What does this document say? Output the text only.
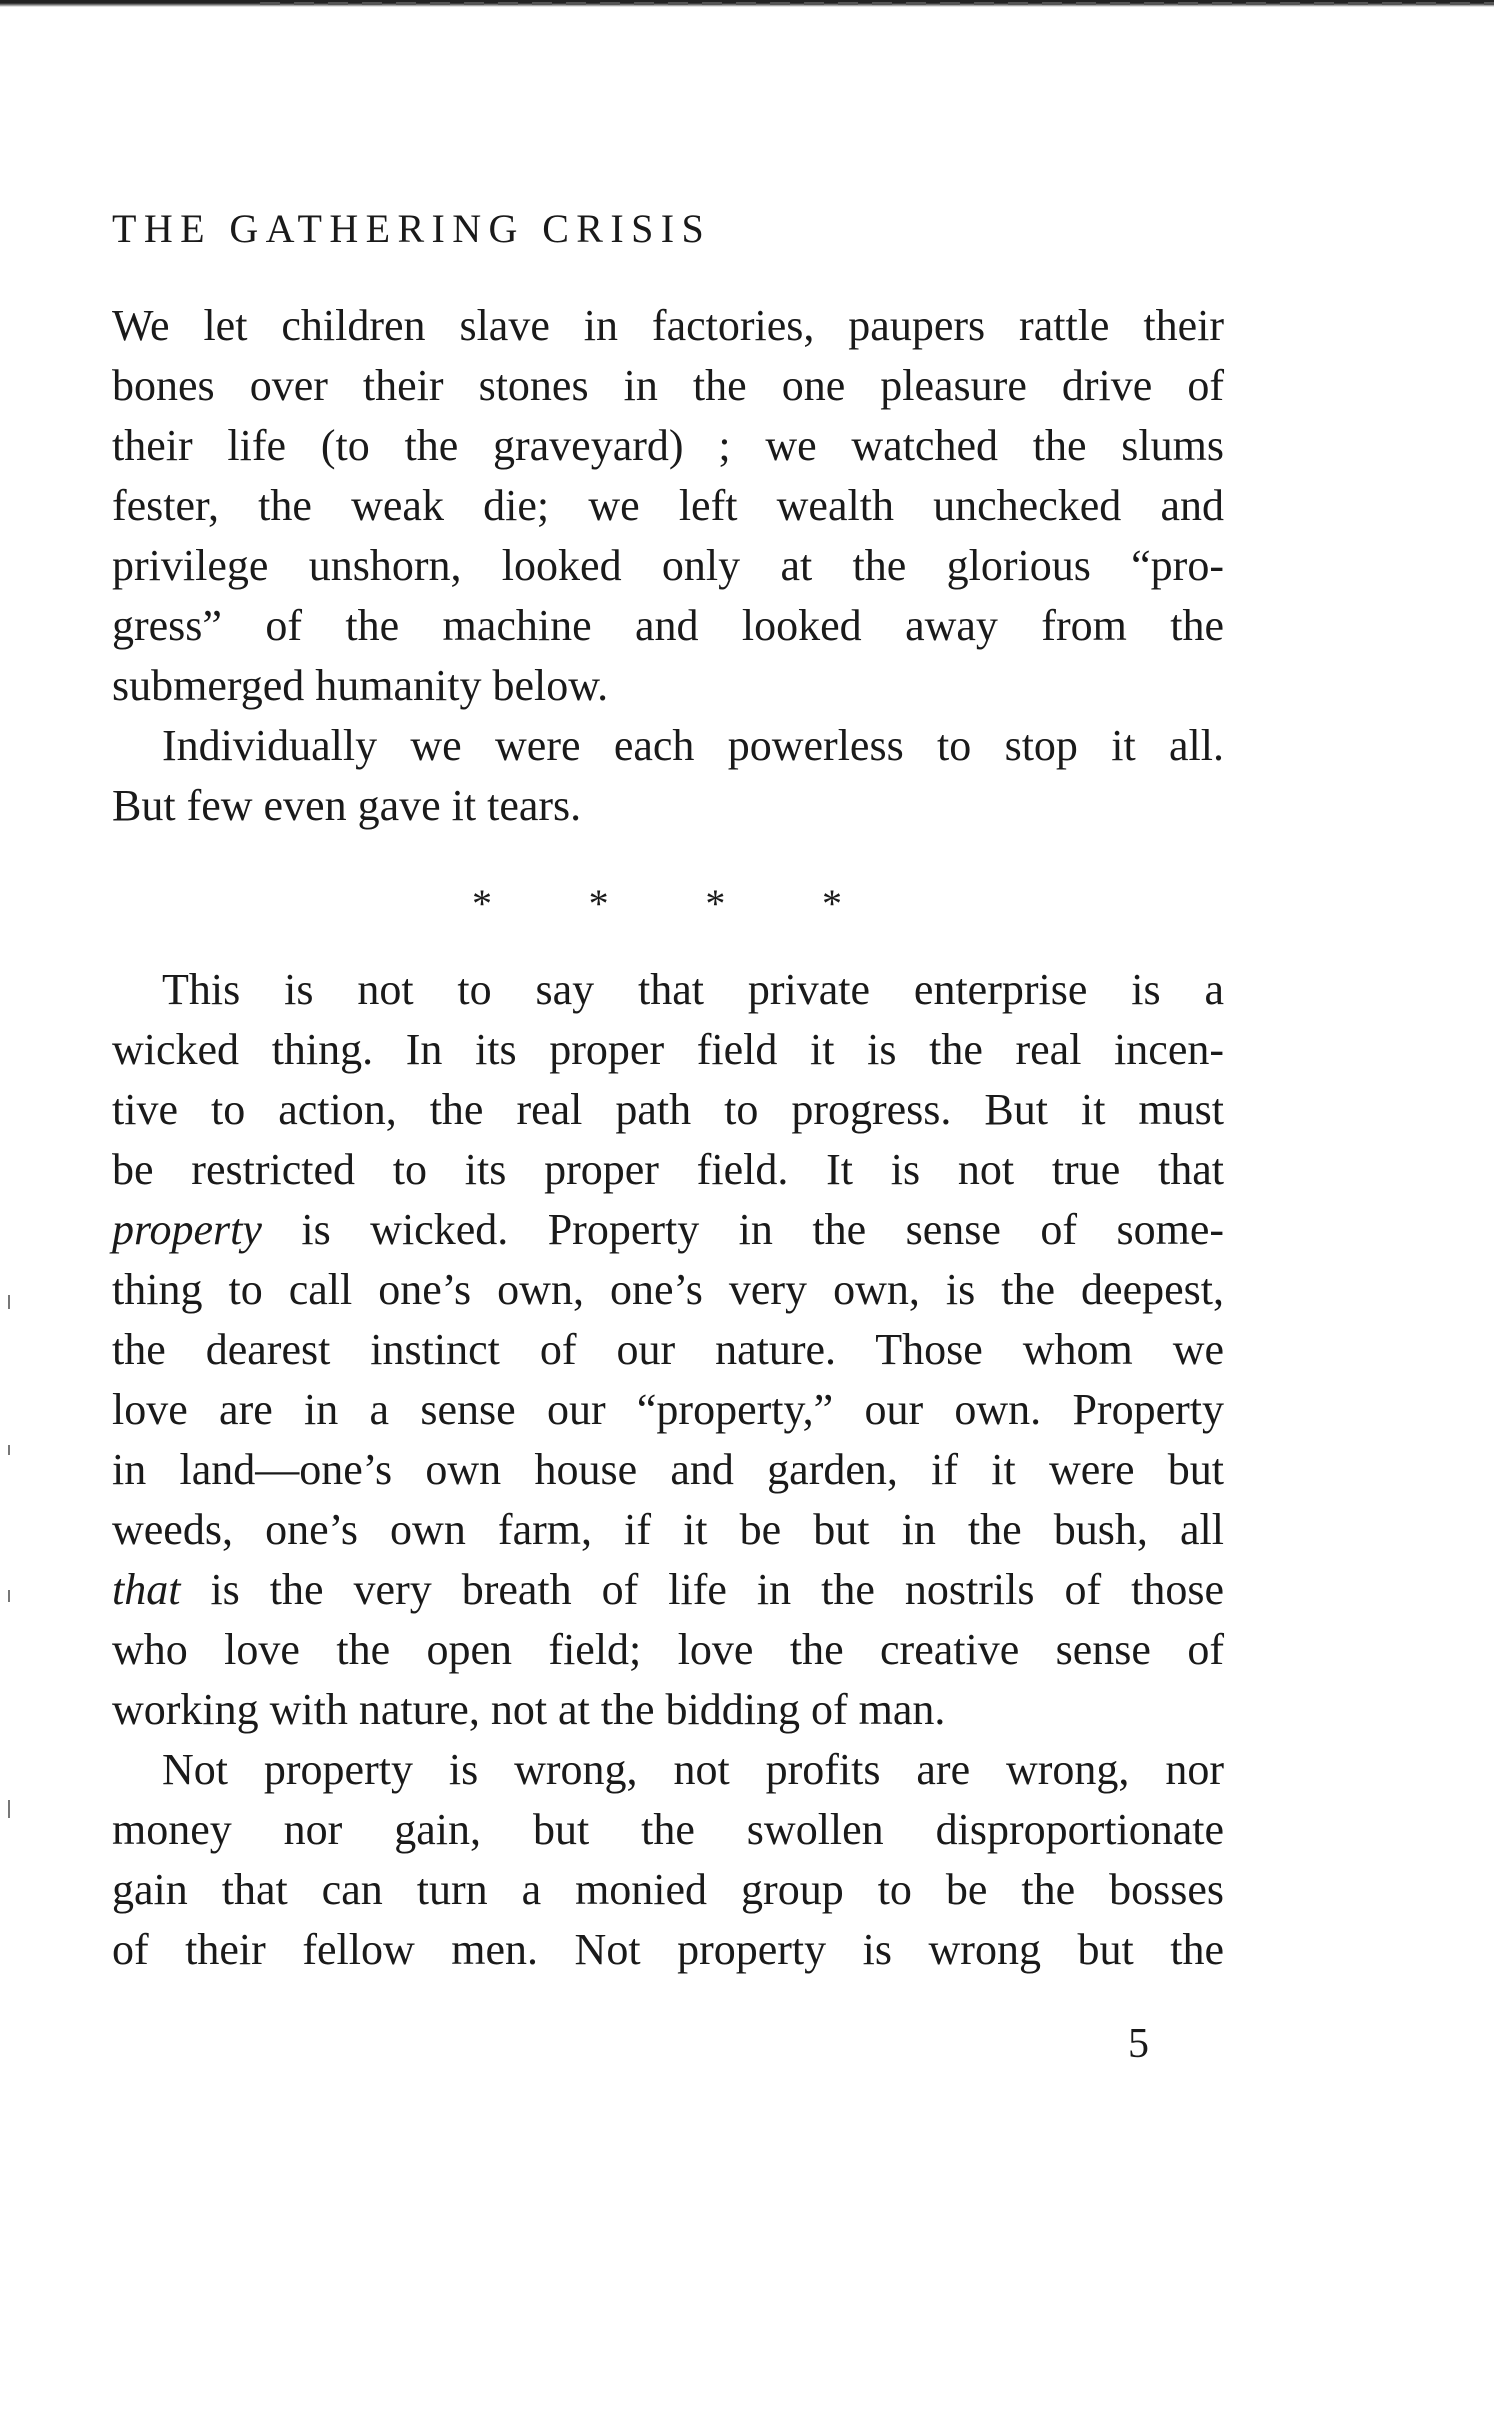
THE GATHERING CRISIS
We let children slave in factories, paupers rattle their
bones over their stones in the one pleasure drive of
their life (to the graveyard) ; we watched the slums
fester, the weak die; we left wealth unchecked and
privilege unshorn, looked only at the glorious “pro-
gress” of the machine and looked away from the
submerged humanity below.
Individually we were each powerless to stop it all.
But few even gave it tears.
* * * *
This is not to say that private enterprise is a
wicked thing. In its proper field it is the real incen-
tive to action, the real path to progress. But it must
be restricted to its proper field. It is not true that
property is wicked. Property in the sense of some-
thing to call one’s own, one’s very own, is the deepest,
the dearest instinct of our nature. Those whom we
love are in a sense our “property,” our own. Property
in land—one’s own house and garden, if it were but
weeds, one’s own farm, if it be but in the bush, all
that is the very breath of life in the nostrils of those
who love the open field; love the creative sense of
working with nature, not at the bidding of man.
Not property is wrong, not profits are wrong, nor
money nor gain, but the swollen disproportionate
gain that can turn a monied group to be the bosses
of their fellow men. Not property is wrong but the
5
